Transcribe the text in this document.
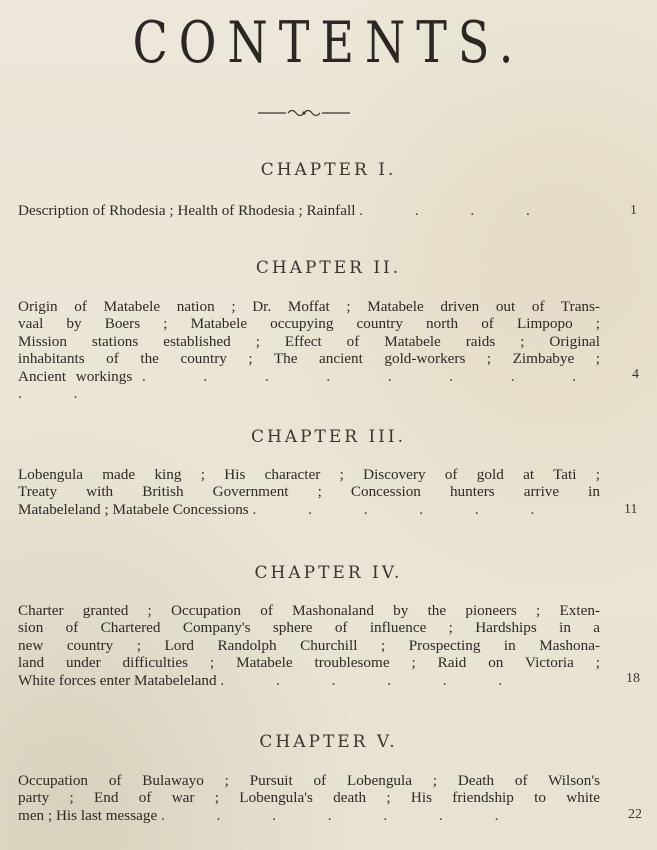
CONTENTS.
CHAPTER I.
Description of Rhodesia ; Health of Rhodesia ; Rainfall . . . .	1
CHAPTER II.
Origin of Matabele nation ; Dr. Moffat ; Matabele driven out of Trans-
vaal by Boers ; Matabele occupying country north of Limpopo ;
Mission stations established ; Effect of Matabele raids ; Original
inhabitants of the country ; The ancient gold-workers ; Zimbabye ;
Ancient workings . . . . . . . . . .
4
CHAPTER III.
Lobengula made king ; His character ; Discovery of gold at Tati ;
Treaty with British Government ; Concession hunters arrive in
Matabeleland ; Matabele Concessions . . . . . .	11
CHAPTER IV.
Charter granted ; Occupation of Mashonaland by the pioneers ; Exten-
sion of Chartered Company's sphere of influence ; Hardships in a
new country ; Lord Randolph Churchill ; Prospecting in Mashona-
land under difficulties ; Matabele troublesome ; Raid on Victoria ;
White forces enter Matabeleland . . . . . .	18
CHAPTER V.
Occupation of Bulawayo ; Pursuit of Lobengula ; Death of Wilson's
party ; End of war ; Lobengula's death ; His friendship to white
men ; His last message . . . . . . .	22
